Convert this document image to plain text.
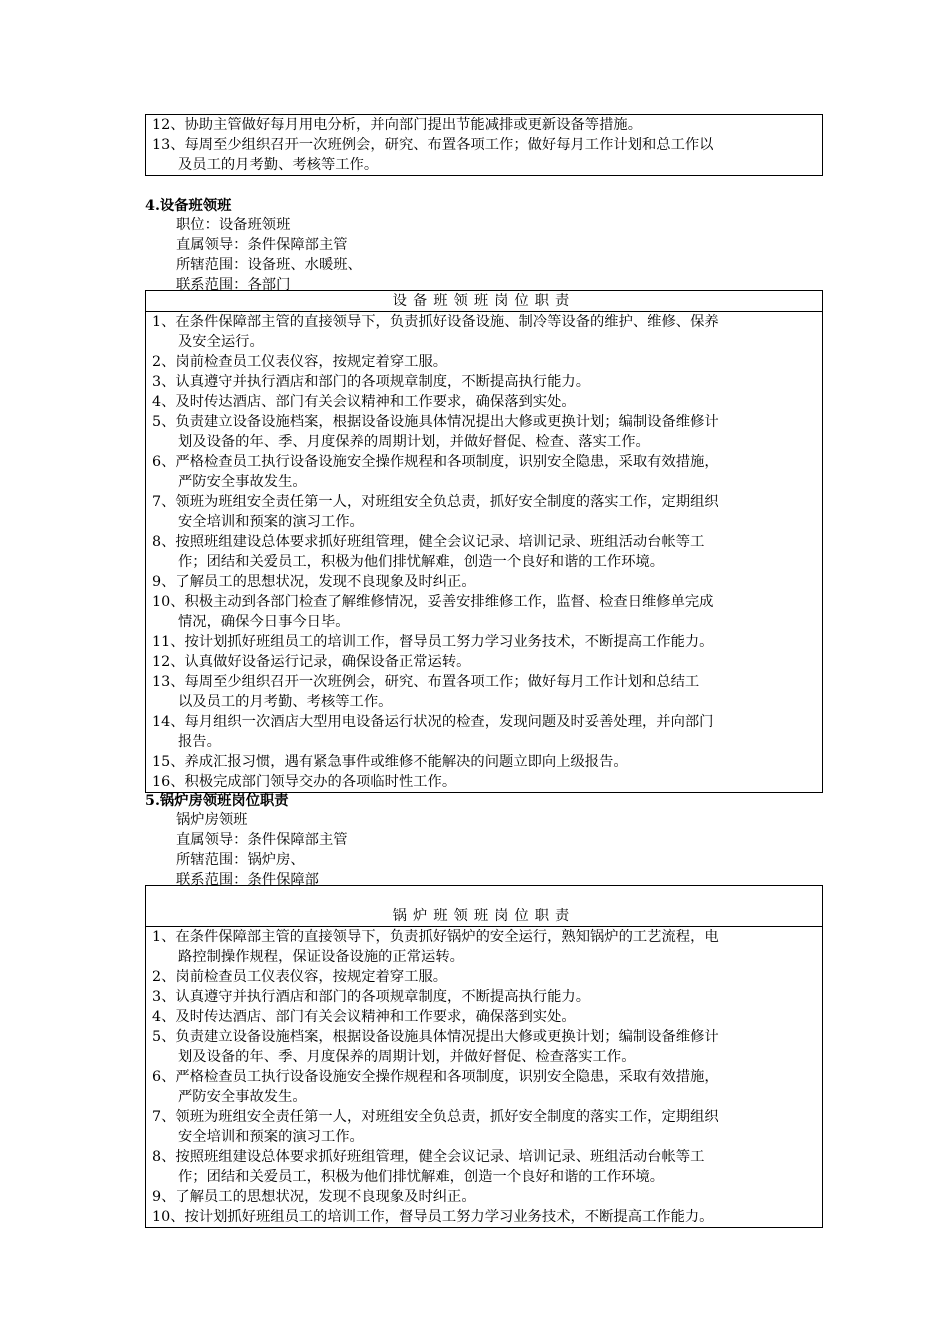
12、协助主管做好每月用电分析，并向部门提出节能减排或更新设备等措施。
13、每周至少组织召开一次班例会，研究、布置各项工作；做好每月工作计划和总工作以
及员工的月考勤、考核等工作。
4.设备班领班
职位：设备班领班
直属领导：条件保障部主管
所辖范围：设备班、水暖班、
联系范围：各部门
设备班领班岗位职责
1、在条件保障部主管的直接领导下，负责抓好设备设施、制冷等设备的维护、维修、保养
及安全运行。
2、岗前检查员工仪表仪容，按规定着穿工服。
3、认真遵守并执行酒店和部门的各项规章制度，不断提高执行能力。
4、及时传达酒店、部门有关会议精神和工作要求，确保落到实处。
5、负责建立设备设施档案，根据设备设施具体情况提出大修或更换计划；编制设备维修计
划及设备的年、季、月度保养的周期计划，并做好督促、检查、落实工作。
6、严格检查员工执行设备设施安全操作规程和各项制度，识别安全隐患，采取有效措施，
严防安全事故发生。
7、领班为班组安全责任第一人，对班组安全负总责，抓好安全制度的落实工作，定期组织
安全培训和预案的演习工作。
8、按照班组建设总体要求抓好班组管理，健全会议记录、培训记录、班组活动台帐等工
作；团结和关爱员工，积极为他们排忧解难，创造一个良好和谐的工作环境。
9、了解员工的思想状况，发现不良现象及时纠正。
10、积极主动到各部门检查了解维修情况，妥善安排维修工作，监督、检查日维修单完成
情况，确保今日事今日毕。
11、按计划抓好班组员工的培训工作，督导员工努力学习业务技术，不断提高工作能力。
12、认真做好设备运行记录，确保设备正常运转。
13、每周至少组织召开一次班例会，研究、布置各项工作；做好每月工作计划和总结工
以及员工的月考勤、考核等工作。
14、每月组织一次酒店大型用电设备运行状况的检查，发现问题及时妥善处理，并向部门
报告。
15、养成汇报习惯，遇有紧急事件或维修不能解决的问题立即向上级报告。
16、积极完成部门领导交办的各项临时性工作。
5.锅炉房领班岗位职责
锅炉房领班
直属领导：条件保障部主管
所辖范围：锅炉房、
联系范围：条件保障部
锅炉班领班岗位职责
1、在条件保障部主管的直接领导下，负责抓好锅炉的安全运行，熟知锅炉的工艺流程，电
路控制操作规程，保证设备设施的正常运转。
2、岗前检查员工仪表仪容，按规定着穿工服。
3、认真遵守并执行酒店和部门的各项规章制度，不断提高执行能力。
4、及时传达酒店、部门有关会议精神和工作要求，确保落到实处。
5、负责建立设备设施档案，根据设备设施具体情况提出大修或更换计划；编制设备维修计
划及设备的年、季、月度保养的周期计划，并做好督促、检查落实工作。
6、严格检查员工执行设备设施安全操作规程和各项制度，识别安全隐患，采取有效措施，
严防安全事故发生。
7、领班为班组安全责任第一人，对班组安全负总责，抓好安全制度的落实工作，定期组织
安全培训和预案的演习工作。
8、按照班组建设总体要求抓好班组管理，健全会议记录、培训记录、班组活动台帐等工
作；团结和关爱员工，积极为他们排忧解难，创造一个良好和谐的工作环境。
9、了解员工的思想状况，发现不良现象及时纠正。
10、按计划抓好班组员工的培训工作，督导员工努力学习业务技术，不断提高工作能力。
